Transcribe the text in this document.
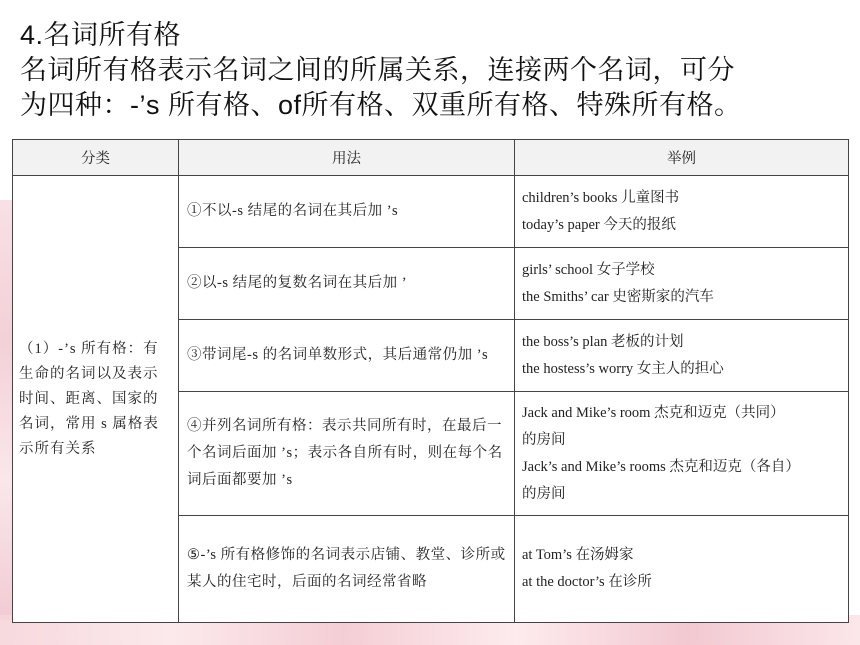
4.名词所有格
名词所有格表示名词之间的所属关系，连接两个名词，可分
为四种：-’s 所有格、of所有格、双重所有格、特殊所有格。
分类	用法	举例
（1）-’s 所有格：有生命的名词以及表示时间、距离、国家的名词，常用 s 属格表示所有关系	①不以-s 结尾的名词在其后加 ’s	children’s books 儿童图书
today’s paper 今天的报纸

	②以-s 结尾的复数名词在其后加 ’	girls’ school 女子学校
the Smiths’ car 史密斯家的汽车

	③带词尾-s 的名词单数形式，其后通常仍加 ’s	the boss’s plan 老板的计划
the hostess’s worry 女主人的担心

	④并列名词所有格：表示共同所有时，在最后一个名词后面加 ’s；表示各自所有时，则在每个名词后面都要加 ’s	Jack and Mike’s room 杰克和迈克（共同）
的房间
Jack’s and Mike’s rooms 杰克和迈克（各自）
的房间

	⑤-’s 所有格修饰的名词表示店铺、教堂、诊所或某人的住宅时，后面的名词经常省略	at Tom’s 在汤姆家
at the doctor’s 在诊所
